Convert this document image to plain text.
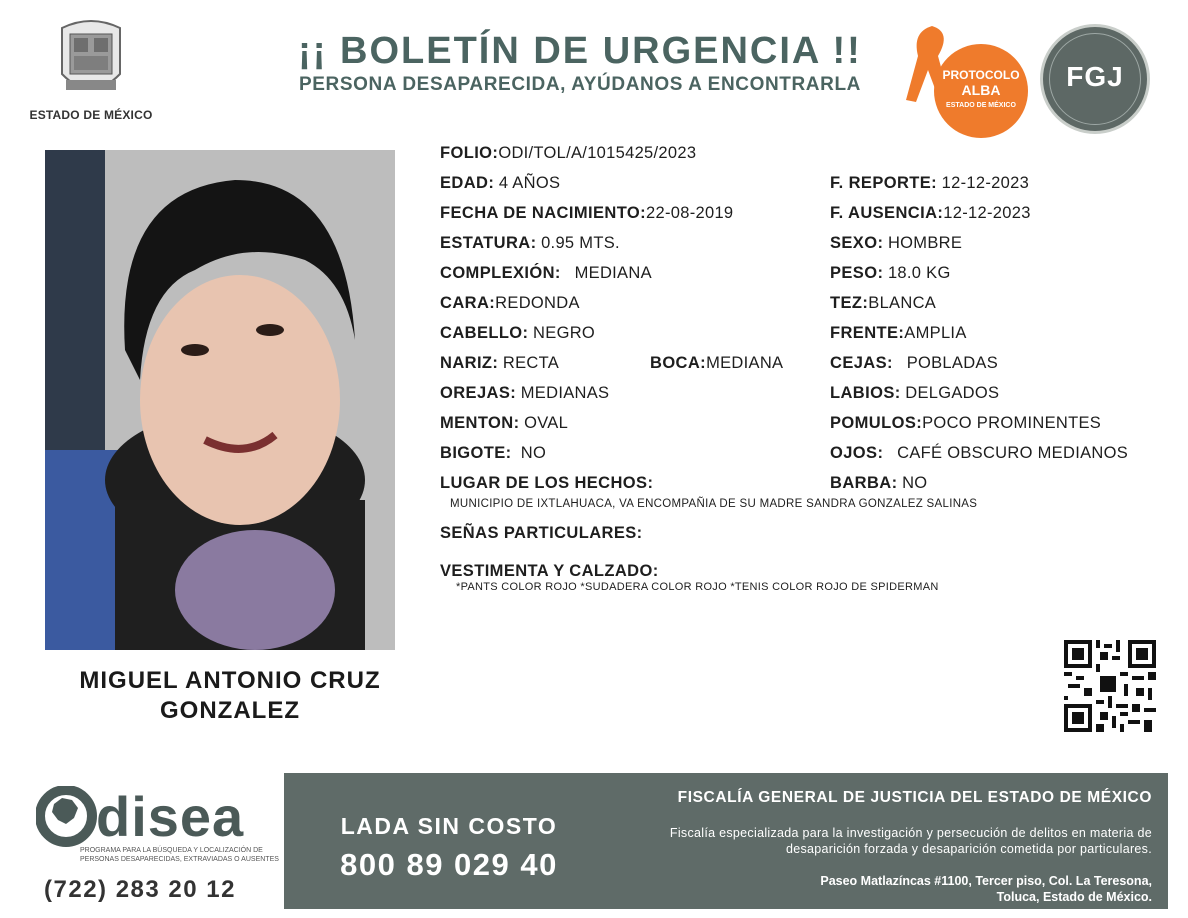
ESTADO DE MÉXICO
¡¡ BOLETÍN DE URGENCIA !!
PERSONA DESAPARECIDA, AYÚDANOS A ENCONTRARLA	PROTOCOLO
ALBA
ESTADO DE MÉXICO
FGJ
MIGUEL ANTONIO CRUZ GONZALEZ
FOLIO:ODI/TOL/A/1015425/2023
EDAD: 4 AÑOS
FECHA DE NACIMIENTO:22-08-2019
ESTATURA: 0.95 MTS.
COMPLEXIÓN: MEDIANA
CARA:REDONDA
CABELLO: NEGRO
NARIZ: RECTA	BOCA:MEDIANA
OREJAS: MEDIANAS
MENTON: OVAL
BIGOTE: NO
LUGAR DE LOS HECHOS:
MUNICIPIO DE IXTLAHUACA, VA ENCOMPAÑIA DE SU MADRE SANDRA GONZALEZ SALINAS
SEÑAS PARTICULARES:
VESTIMENTA Y CALZADO:
*PANTS COLOR ROJO *SUDADERA COLOR ROJO *TENIS COLOR ROJO DE SPIDERMAN
F. REPORTE: 12-12-2023
F. AUSENCIA:12-12-2023
SEXO: HOMBRE
PESO: 18.0 KG
TEZ:BLANCA
FRENTE:AMPLIA
CEJAS: POBLADAS
LABIOS: DELGADOS
POMULOS:POCO PROMINENTES
OJOS: CAFÉ OBSCURO MEDIANOS
BARBA: NO
disea
PROGRAMA PARA LA BÚSQUEDA Y LOCALIZACIÓN DE PERSONAS DESAPARECIDAS, EXTRAVIADAS O AUSENTES
(722) 283 20 12
LADA SIN COSTO
800 89 029 40
FISCALÍA GENERAL DE JUSTICIA DEL ESTADO DE MÉXICO
Fiscalía especializada para la investigación y persecución de delitos en materia de desaparición forzada y desaparición cometida por particulares.
Paseo Matlazíncas #1100, Tercer piso, Col. La Teresona,
Toluca, Estado de México.
